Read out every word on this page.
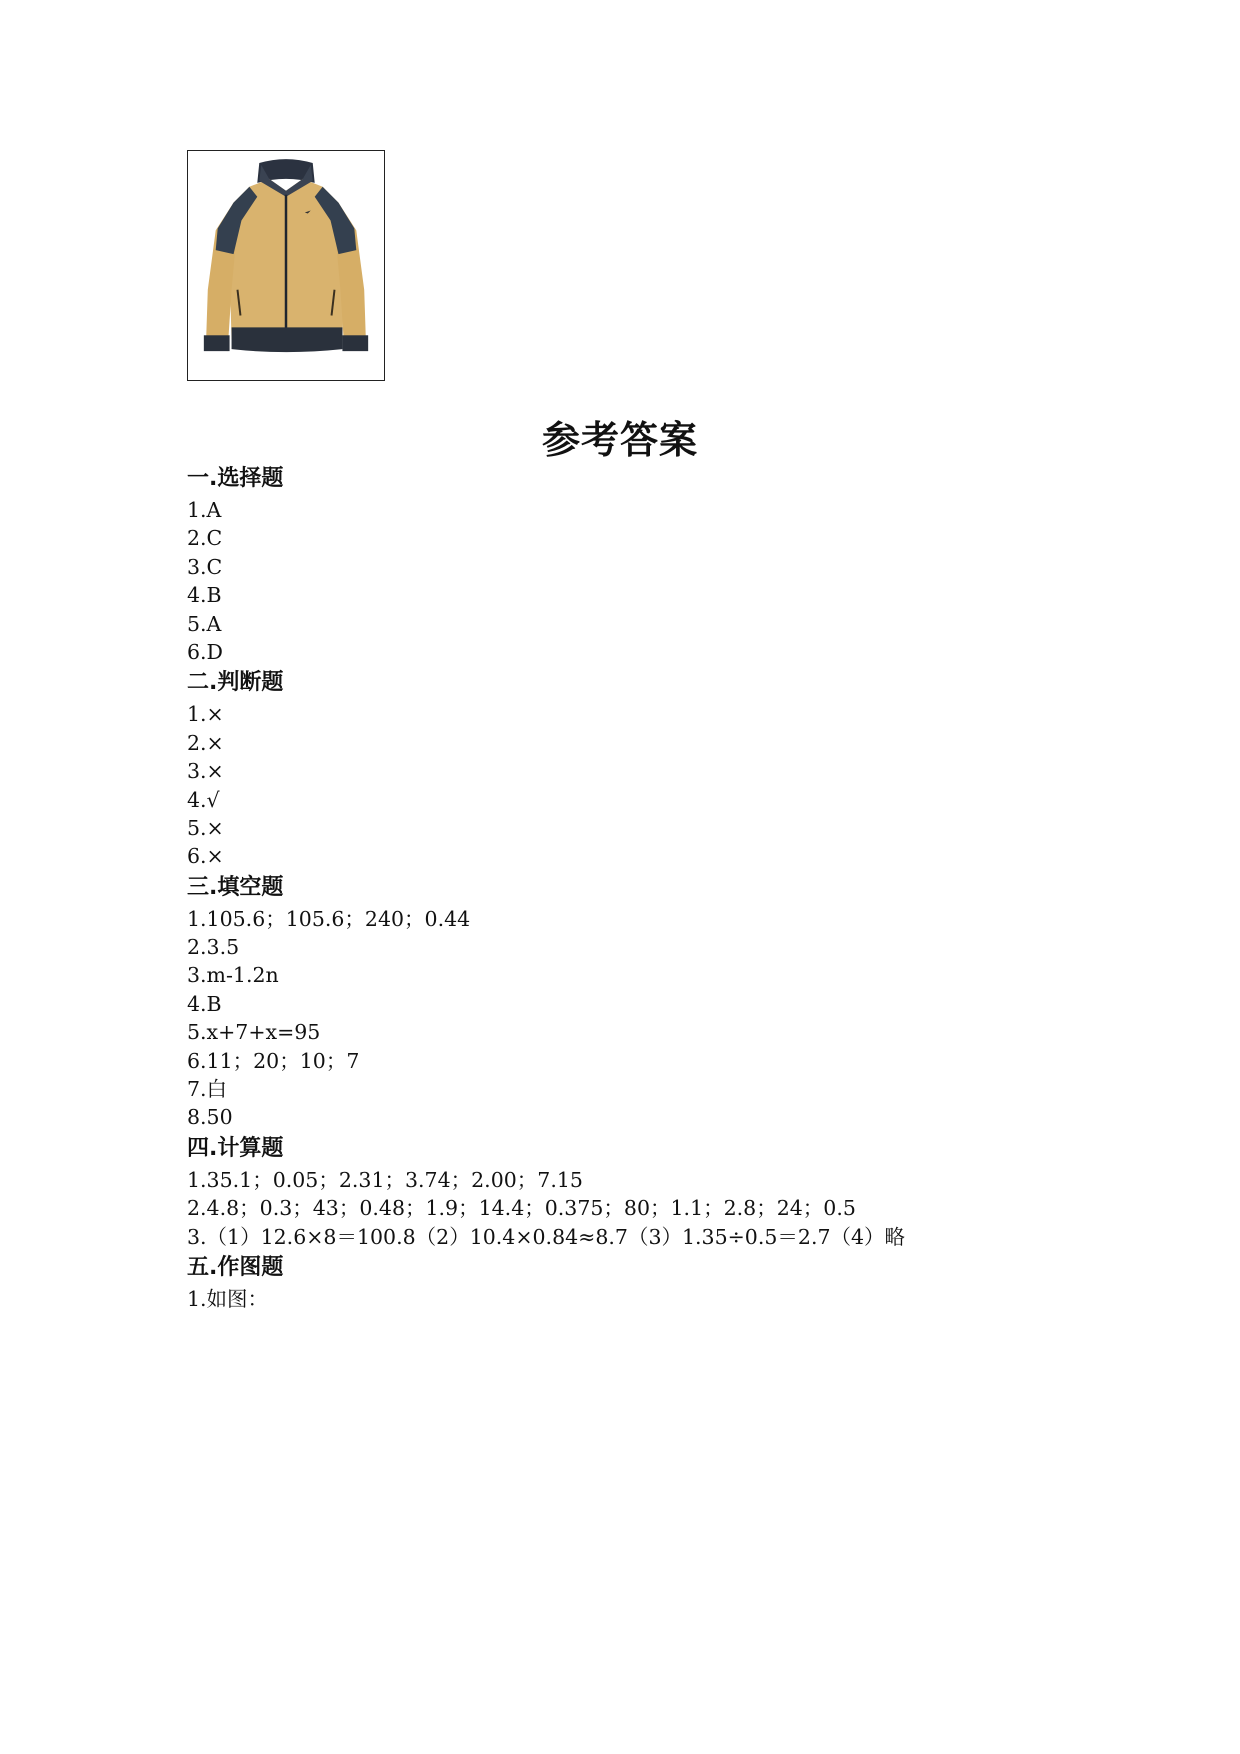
参考答案
一.选择题
1.A
2.C
3.C
4.B
5.A
6.D
二.判断题
1.×
2.×
3.×
4.√
5.×
6.×
三.填空题
1.105.6；105.6；240；0.44
2.3.5
3.m-1.2n
4.B
5.x+7+x=95
6.11；20；10；7
7.白
8.50
四.计算题
1.35.1；0.05；2.31；3.74；2.00；7.15
2.4.8；0.3；43；0.48；1.9；14.4；0.375；80；1.1；2.8；24；0.5
3.（1）12.6×8＝100.8（2）10.4×0.84≈8.7（3）1.35÷0.5＝2.7（4）略
五.作图题
1.如图：
